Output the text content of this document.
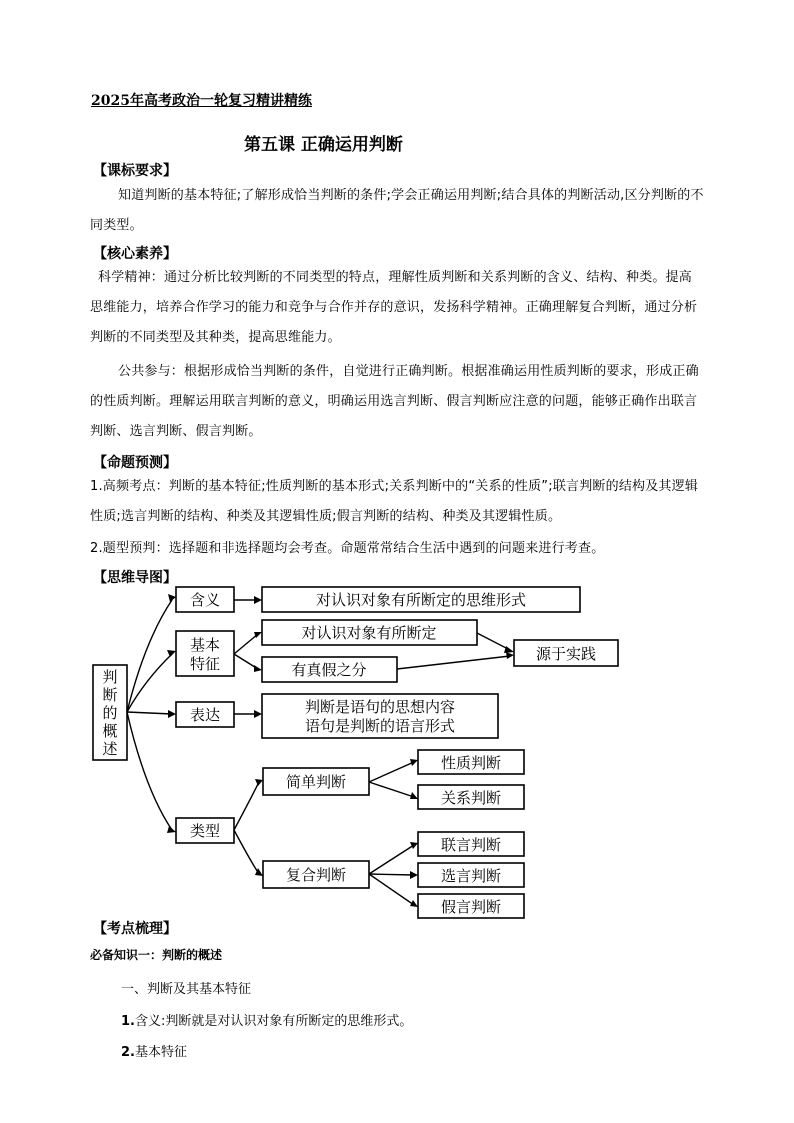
2025年高考政治一轮复习精讲精练
第五课 正确运用判断
【课标要求】
知道判断的基本特征;了解形成恰当判断的条件;学会正确运用判断;结合具体的判断活动,区分判断的不同类型。
【核心素养】
科学精神：通过分析比较判断的不同类型的特点，理解性质判断和关系判断的含义、结构、种类。提高思维能力，培养合作学习的能力和竞争与合作并存的意识，发扬科学精神。正确理解复合判断，通过分析判断的不同类型及其种类，提高思维能力。
公共参与：根据形成恰当判断的条件，自觉进行正确判断。根据准确运用性质判断的要求，形成正确的性质判断。理解运用联言判断的意义，明确运用选言判断、假言判断应注意的问题，能够正确作出联言判断、选言判断、假言判断。
【命题预测】
1.高频考点：判断的基本特征;性质判断的基本形式;关系判断中的“关系的性质”;联言判断的结构及其逻辑性质;选言判断的结构、种类及其逻辑性质;假言判断的结构、种类及其逻辑性质。
2.题型预判：选择题和非选择题均会考查。命题常常结合生活中遇到的问题来进行考查。
【思维导图】
判
断
的
概
述
含义	对认识对象有所断定的思维形式
基本
特征
对认识对象有所断定
有真假之分
源于实践
表达	判断是语句的思想内容
语句是判断的语言形式
简单判断
性质判断
关系判断
类型
复合判断
联言判断
选言判断
假言判断
【考点梳理】
必备知识一：判断的概述
一、判断及其基本特征
1.含义:判断就是对认识对象有所断定的思维形式。
2.基本特征
